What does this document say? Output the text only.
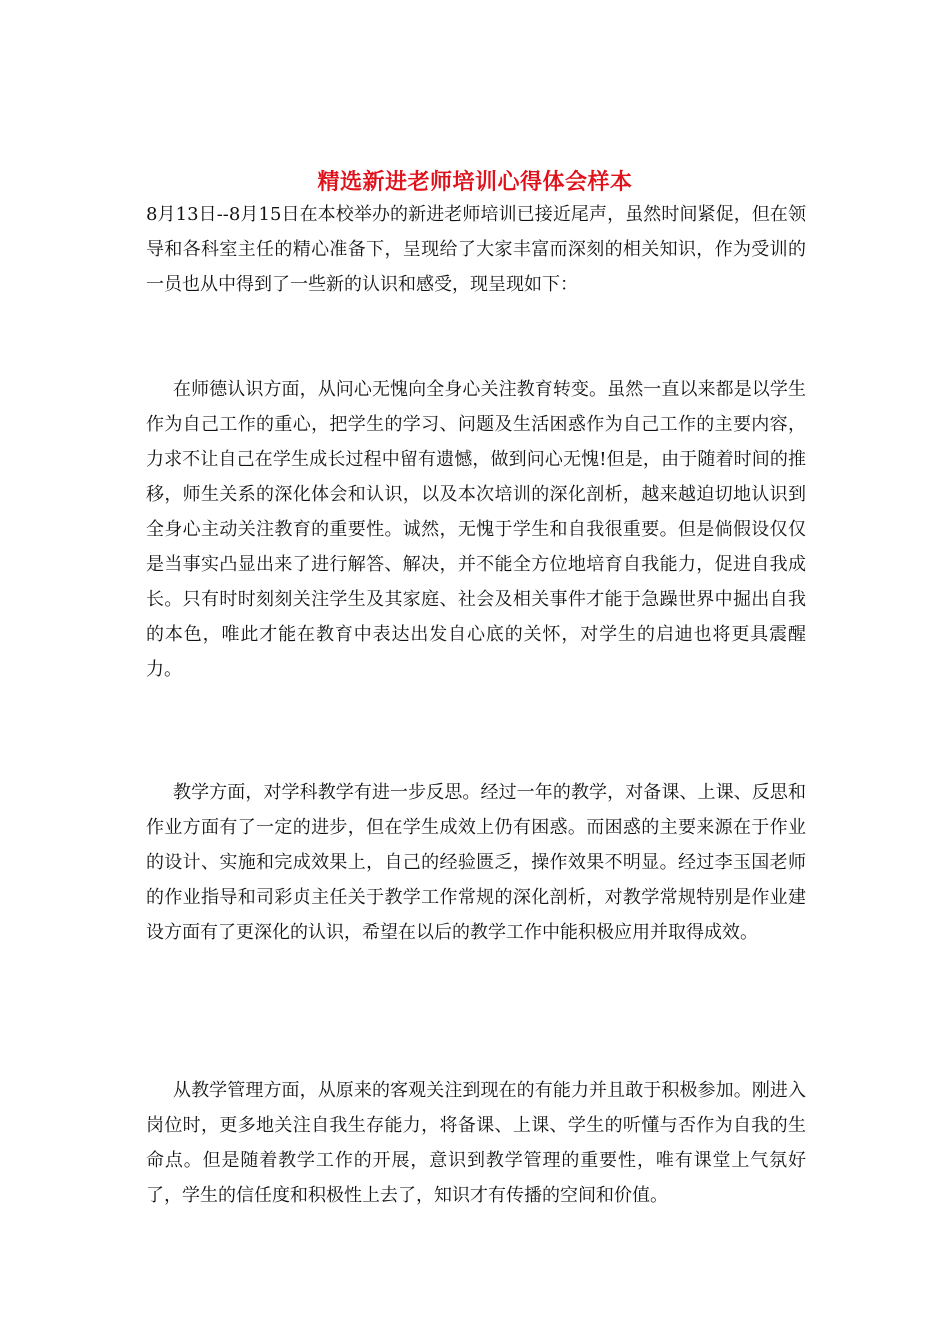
精选新进老师培训心得体会样本

8月13日--8月15日在本校举办的新进老师培训已接近尾声，虽然时间紧促，但在领导和各科室主任的精心准备下，呈现给了大家丰富而深刻的相关知识，作为受训的一员也从中得到了一些新的认识和感受，现呈现如下：

在师德认识方面，从问心无愧向全身心关注教育转变。虽然一直以来都是以学生作为自己工作的重心，把学生的学习、问题及生活困惑作为自己工作的主要内容，力求不让自己在学生成长过程中留有遗憾，做到问心无愧!但是，由于随着时间的推移，师生关系的深化体会和认识，以及本次培训的深化剖析，越来越迫切地认识到全身心主动关注教育的重要性。诚然，无愧于学生和自我很重要。但是倘假设仅仅是当事实凸显出来了进行解答、解决，并不能全方位地培育自我能力，促进自我成长。只有时时刻刻关注学生及其家庭、社会及相关事件才能于急躁世界中掘出自我的本色，唯此才能在教育中表达出发自心底的关怀，对学生的启迪也将更具震醒力。

教学方面，对学科教学有进一步反思。经过一年的教学，对备课、上课、反思和作业方面有了一定的进步，但在学生成效上仍有困惑。而困惑的主要来源在于作业的设计、实施和完成效果上，自己的经验匮乏，操作效果不明显。经过李玉国老师的作业指导和司彩贞主任关于教学工作常规的深化剖析，对教学常规特别是作业建设方面有了更深化的认识，希望在以后的教学工作中能积极应用并取得成效。

从教学管理方面，从原来的客观关注到现在的有能力并且敢于积极参加。刚进入岗位时，更多地关注自我生存能力，将备课、上课、学生的听懂与否作为自我的生命点。但是随着教学工作的开展，意识到教学管理的重要性，唯有课堂上气氛好了，学生的信任度和积极性上去了，知识才有传播的空间和价值。
